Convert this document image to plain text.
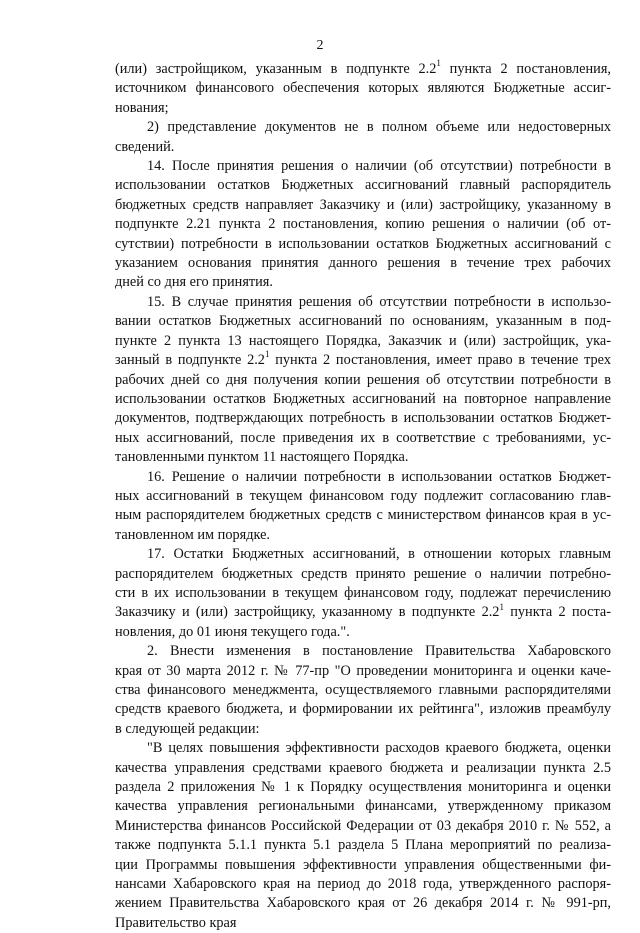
2
(или) застройщиком, указанным в подпункте $2.2^1$ пункта 2 постановления,
источником финансового обеспечения которых являются Бюджетные ассиг-
нования;
2) представление документов не в полном объеме или недостоверных
сведений.
14. После принятия решения о наличии (об отсутствии) потребности в
использовании остатков Бюджетных ассигнований главный распорядитель
бюджетных средств направляет Заказчику и (или) застройщику, указанному в
подпункте 2.21 пункта 2 постановления, копию решения о наличии (об от-
сутствии) потребности в использовании остатков Бюджетных ассигнований с
указанием основания принятия данного решения в течение трех рабочих
дней со дня его принятия.
15. В случае принятия решения об отсутствии потребности в использо-
вании остатков Бюджетных ассигнований по основаниям, указанным в под-
пункте 2 пункта 13 настоящего Порядка, Заказчик и (или) застройщик, ука-
занный в подпункте $2.2^1$ пункта 2 постановления, имеет право в течение трех
рабочих дней со дня получения копии решения об отсутствии потребности в
использовании остатков Бюджетных ассигнований на повторное направление
документов, подтверждающих потребность в использовании остатков Бюджет-
ных ассигнований, после приведения их в соответствие с требованиями, ус-
тановленными пунктом 11 настоящего Порядка.
16. Решение о наличии потребности в использовании остатков Бюджет-
ных ассигнований в текущем финансовом году подлежит согласованию глав-
ным распорядителем бюджетных средств с министерством финансов края в ус-
тановленном им порядке.
17. Остатки Бюджетных ассигнований, в отношении которых главным
распорядителем бюджетных средств принято решение о наличии потребно-
сти в их использовании в текущем финансовом году, подлежат перечислению
Заказчику и (или) застройщику, указанному в подпункте $2.2^1$ пункта 2 поста-
новления, до 01 июня текущего года.".
2. Внести изменения в постановление Правительства Хабаровского
края от 30 марта 2012 г. № 77-пр "О проведении мониторинга и оценки каче-
ства финансового менеджмента, осуществляемого главными распорядителями
средств краевого бюджета, и формировании их рейтинга", изложив преамбулу
в следующей редакции:
"В целях повышения эффективности расходов краевого бюджета, оценки
качества управления средствами краевого бюджета и реализации пункта 2.5
раздела 2 приложения № 1 к Порядку осуществления мониторинга и оценки
качества управления региональными финансами, утвержденному приказом
Министерства финансов Российской Федерации от 03 декабря 2010 г. № 552, а
также подпункта 5.1.1 пункта 5.1 раздела 5 Плана мероприятий по реализа-
ции Программы повышения эффективности управления общественными фи-
нансами Хабаровского края на период до 2018 года, утвержденного распоря-
жением Правительства Хабаровского края от 26 декабря 2014 г. № 991-рп,
Правительство края
